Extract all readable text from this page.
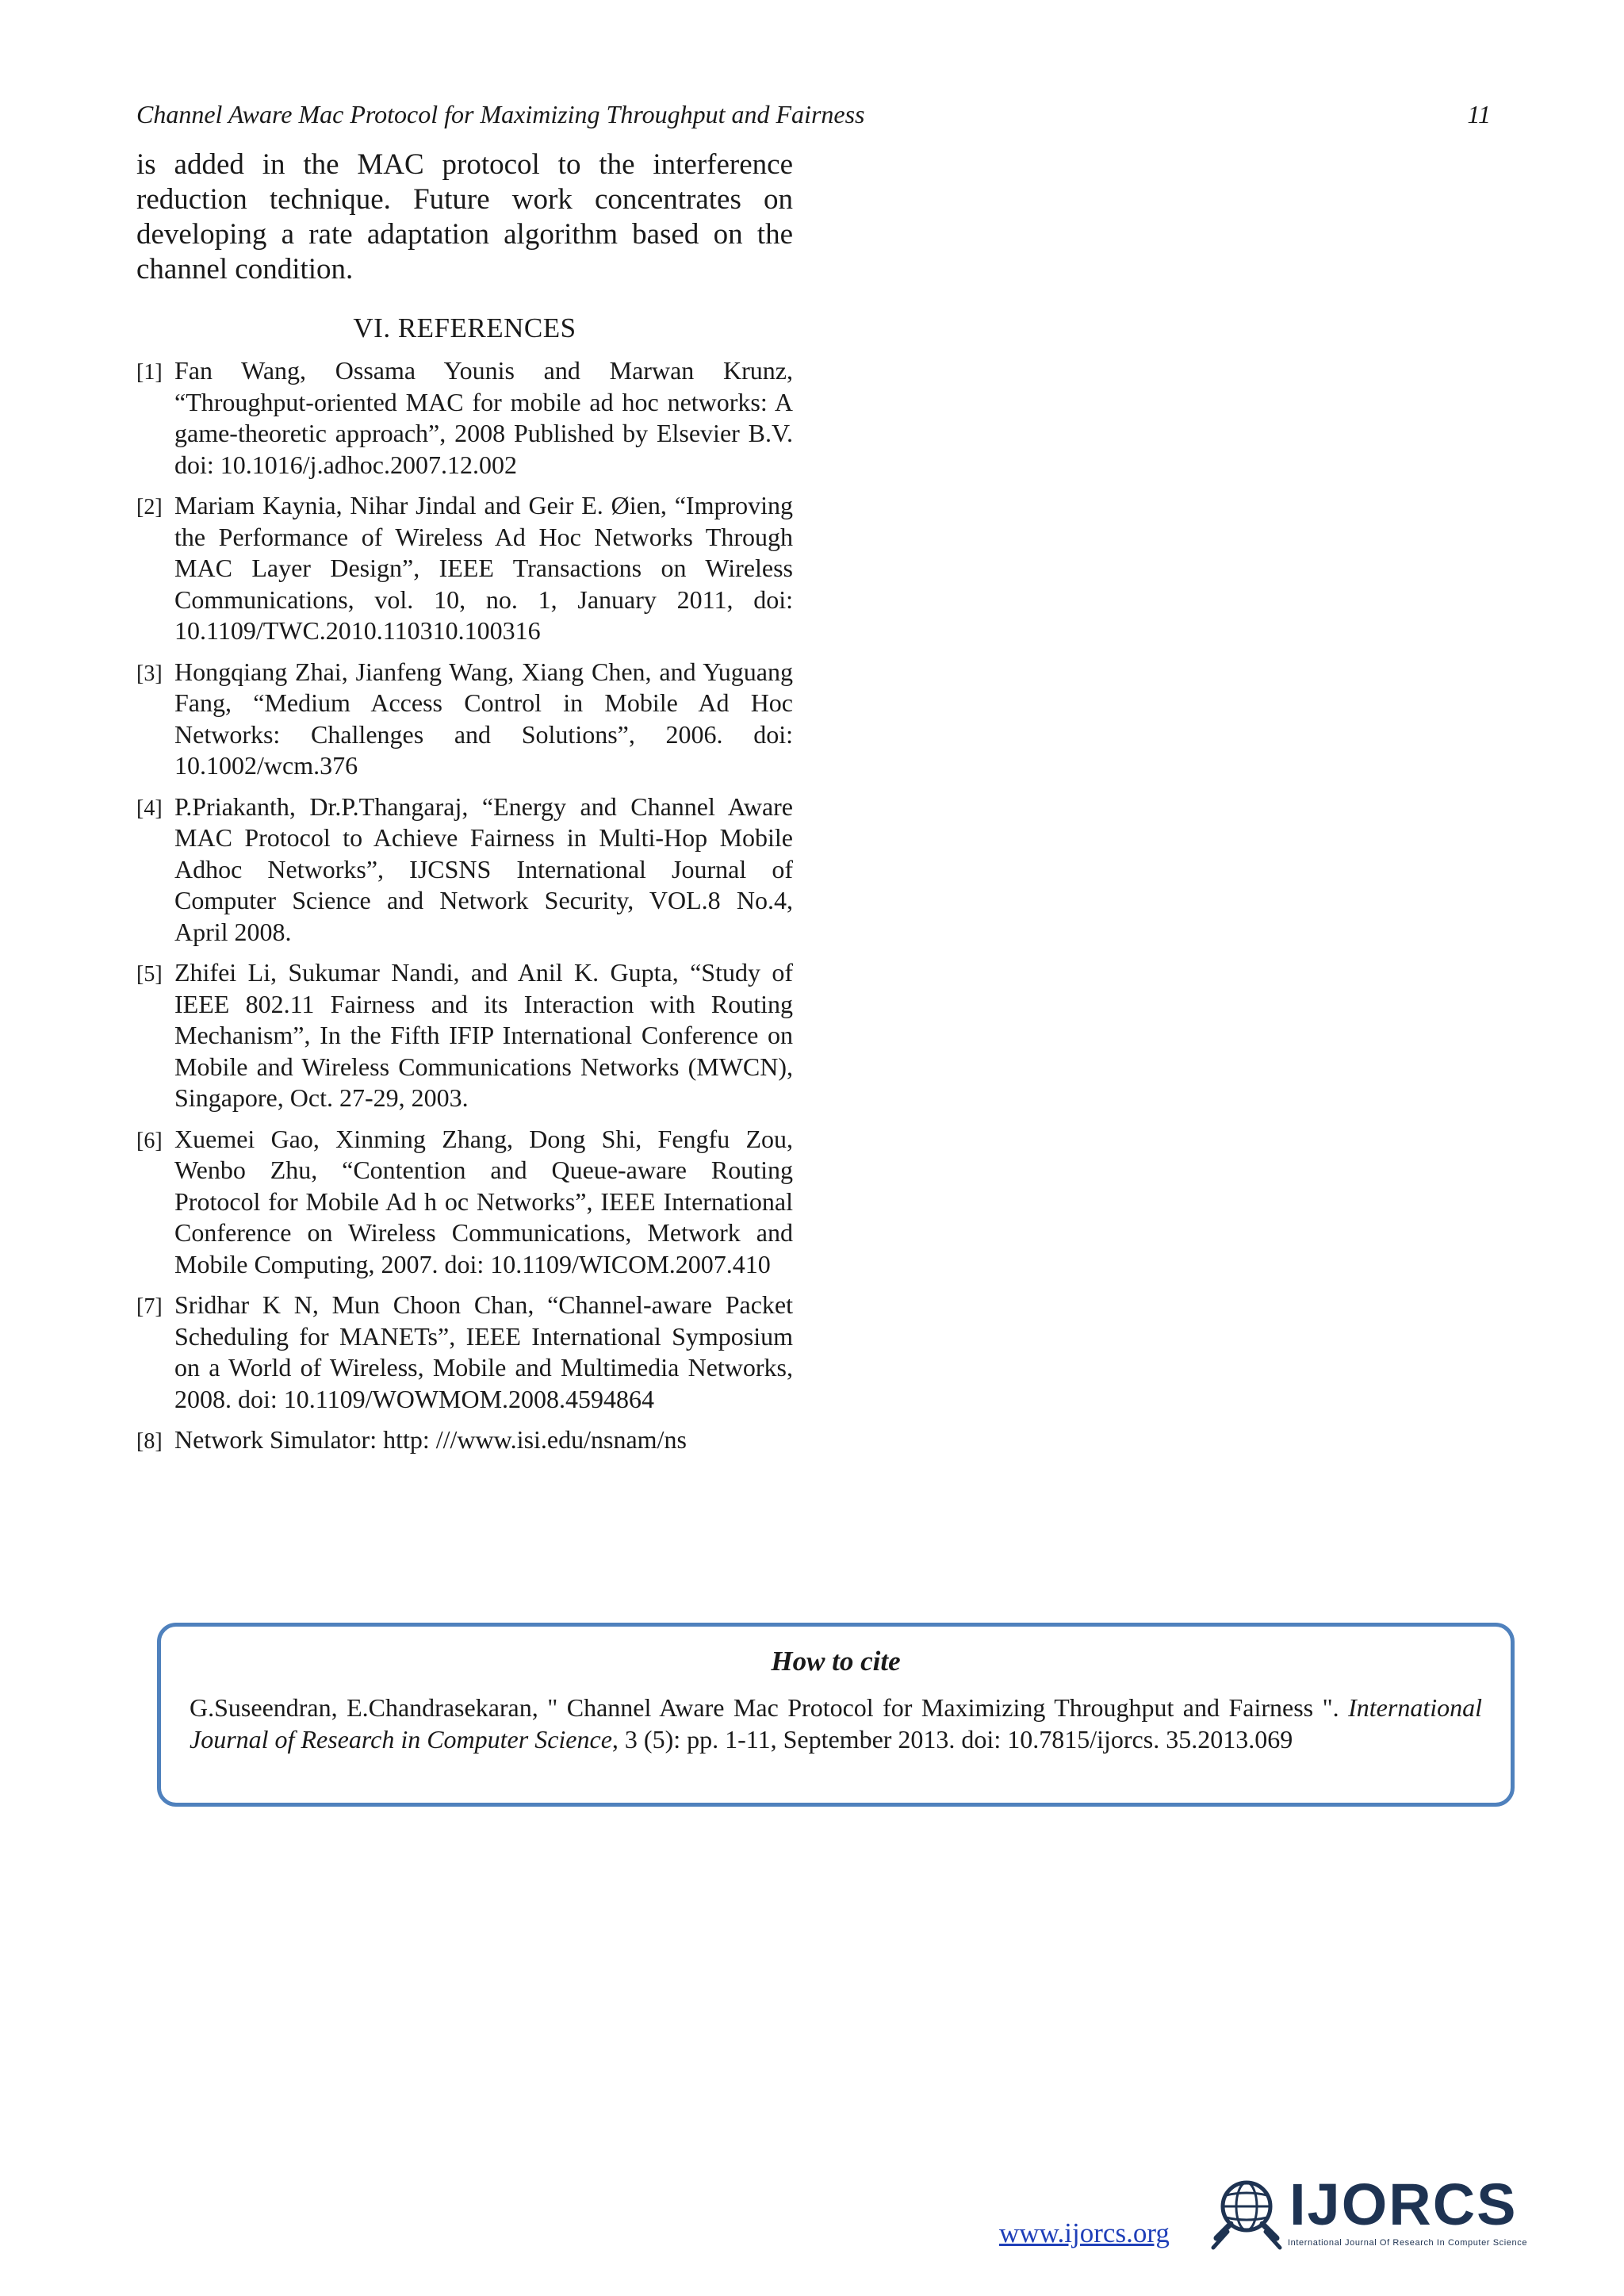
Channel Aware Mac Protocol for Maximizing Throughput and Fairness	11

is added in the MAC protocol to the interference reduction technique. Future work concentrates on developing a rate adaptation algorithm based on the channel condition.

VI. REFERENCES
[1] Fan Wang, Ossama Younis and Marwan Krunz, “Throughput-oriented MAC for mobile ad hoc networks: A game-theoretic approach”, 2008 Published by Elsevier B.V. doi: 10.1016/j.adhoc.2007.12.002
[2] Mariam Kaynia, Nihar Jindal and Geir E. Øien, “Improving the Performance of Wireless Ad Hoc Networks Through MAC Layer Design”, IEEE Transactions on Wireless Communications, vol. 10, no. 1, January 2011, doi: 10.1109/TWC.2010.110310.100316
[3] Hongqiang Zhai, Jianfeng Wang, Xiang Chen, and Yuguang Fang, “Medium Access Control in Mobile Ad Hoc Networks: Challenges and Solutions”, 2006. doi: 10.1002/wcm.376
[4] P.Priakanth, Dr.P.Thangaraj, “Energy and Channel Aware MAC Protocol to Achieve Fairness in Multi-Hop Mobile Adhoc Networks”, IJCSNS International Journal of Computer Science and Network Security, VOL.8 No.4, April 2008.
[5] Zhifei Li, Sukumar Nandi, and Anil K. Gupta, “Study of IEEE 802.11 Fairness and its Interaction with Routing Mechanism”, In the Fifth IFIP International Conference on Mobile and Wireless Communications Networks (MWCN), Singapore, Oct. 27-29, 2003.
[6] Xuemei Gao, Xinming Zhang, Dong Shi, Fengfu Zou, Wenbo Zhu, “Contention and Queue-aware Routing Protocol for Mobile Ad h oc Networks”, IEEE International Conference on Wireless Communications, Metwork and Mobile Computing, 2007. doi: 10.1109/WICOM.2007.410
[7] Sridhar K N, Mun Choon Chan, “Channel-aware Packet Scheduling for MANETs”, IEEE International Symposium on a World of Wireless, Mobile and Multimedia Networks, 2008. doi: 10.1109/WOWMOM.2008.4594864
[8] Network Simulator: http: ///www.isi.edu/nsnam/ns
How to cite
G.Suseendran, E.Chandrasekaran, " Channel Aware Mac Protocol for Maximizing Throughput and Fairness ". International Journal of Research in Computer Science, 3 (5): pp. 1-11, September 2013. doi: 10.7815/ijorcs. 35.2013.069
www.ijorcs.org IJORCS
International Journal Of Research In Computer Science
